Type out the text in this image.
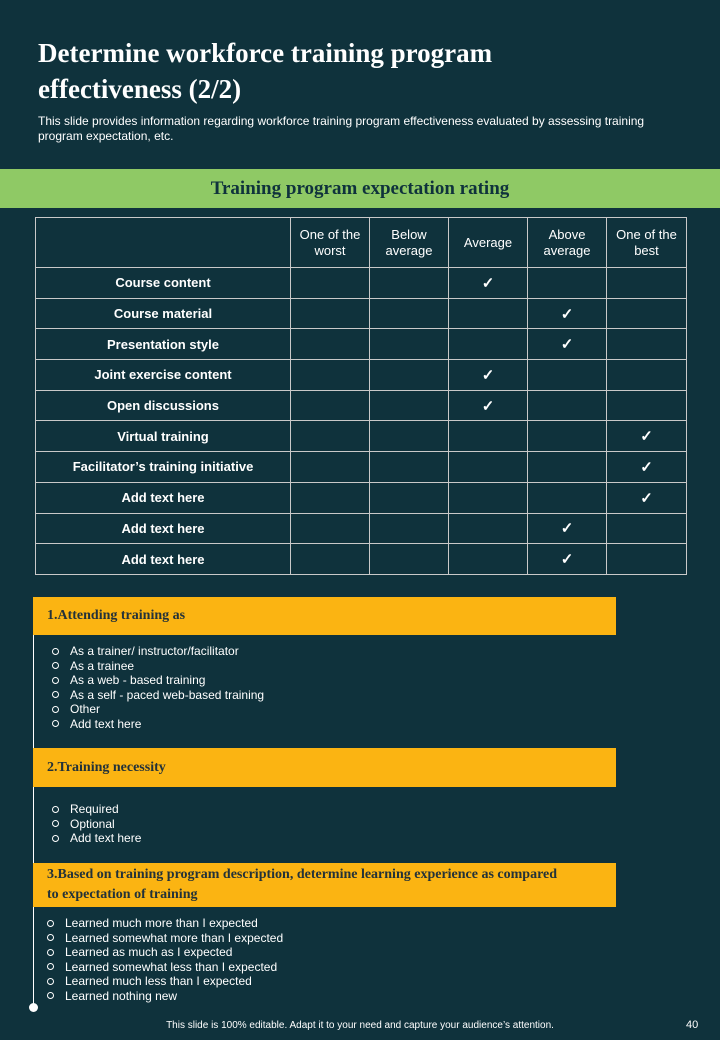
Determine workforce training program effectiveness (2/2)
This slide provides information regarding workforce training program effectiveness evaluated by assessing training program expectation, etc.
Training program expectation rating
	One of the worst	Below average	Average	Above average	One of the best
Course content			✓		
Course material				✓	
Presentation style				✓	
Joint exercise content			✓		
Open discussions			✓		
Virtual training					✓
Facilitator’s training initiative					✓
Add text here					✓
Add text here				✓	
Add text here				✓	
1.Attending training as
As a trainer/ instructor/facilitator
As a trainee
As a web - based training
As a self - paced web-based training
Other
Add text here
2.Training necessity
Required
Optional
Add text here
3.Based on training program description, determine learning experience as compared to expectation of training
Learned much more than I expected
Learned somewhat more than I expected
Learned as much as I expected
Learned somewhat less than I expected
Learned much less than I expected
Learned nothing new
This slide is 100% editable. Adapt it to your need and capture your audience’s attention.	40
